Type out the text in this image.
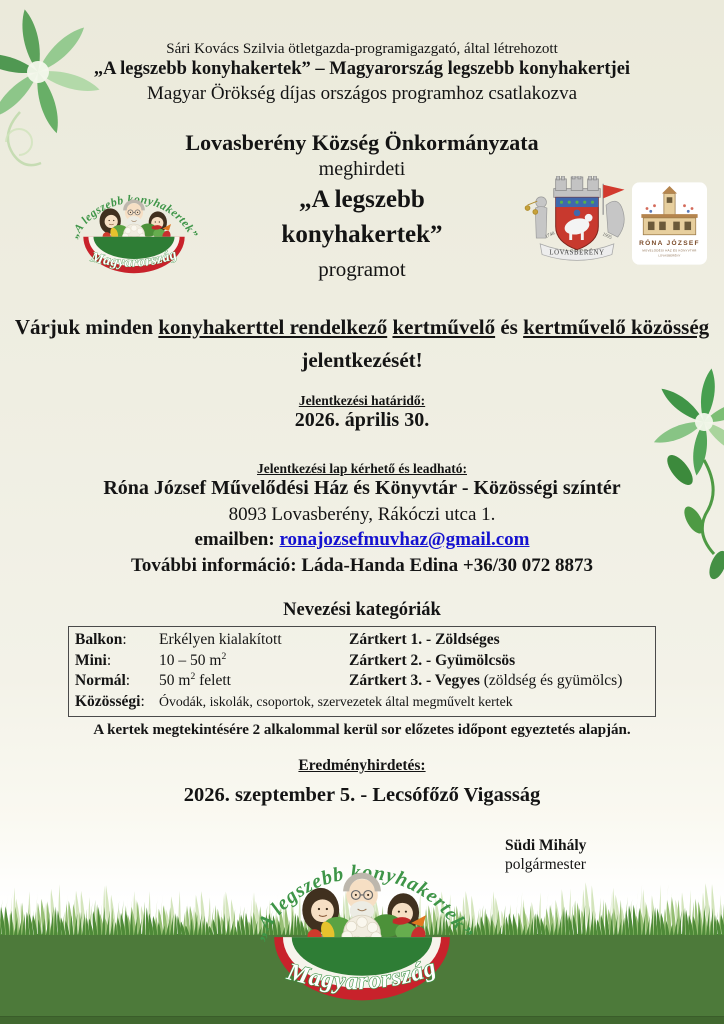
Sári Kovács Szilvia ötletgazda-programigazgató, által létrehozott
„A legszebb konyhakertek” – Magyarország legszebb konyhakertjei
Magyar Örökség díjas országos programhoz csatlakozva
Lovasberény Község Önkormányzata
meghirdeti
„A legszebb
konyhakertek”
programot
Várjuk minden konyhakerttel rendelkező kertművelő és kertművelő közösség jelentkezését!
Jelentkezési határidő:
2026. április 30.
Jelentkezési lap kérhető és leadható:
Róna József Művelődési Ház és Könyvtár - Közösségi színtér
8093 Lovasberény, Rákóczi utca 1.
emailben: ronajozsefmuvhaz@gmail.com
További információ: Láda-Handa Edina +36/30 072 8873
Nevezési kategóriák
Balkon:	Erkélyen kialakított	Zártkert 1. - Zöldséges
Mini:	10 – 50 $m^2$	Zártkert 2. - Gyümölcsös
Normál:	50 $m^2$ felett	Zártkert 3. - Vegyes (zöldség és gyümölcs)
Közösségi:	Óvodák, iskolák, csoportok, szervezetek által megművelt kertek
A kertek megtekintésére 2 alkalommal kerül sor előzetes időpont egyeztetés alapján.
Eredményhirdetés:
2026. szeptember 5. - Lecsófőző Vigasság
Südi Mihály
polgármester
